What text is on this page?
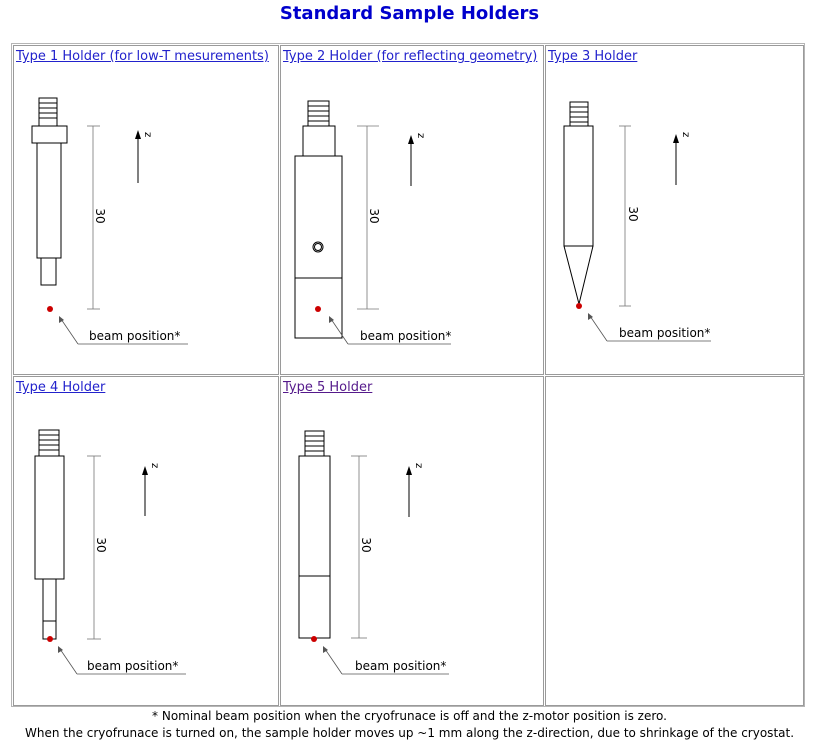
Standard Sample Holders
30
z
beam position*
Type 1 Holder (for low-T mesurements)
30
z
beam position*
Type 2 Holder (for reflecting geometry)
30
z
beam position*
Type 3 Holder
30
z
beam position*
Type 4 Holder
30
z
beam position*
Type 5 Holder
* Nominal beam position when the cryofrunace is off and the z-motor position is zero.
When the cryofrunace is turned on, the sample holder moves up ~1 mm along the z-direction, due to shrinkage of the cryostat.
